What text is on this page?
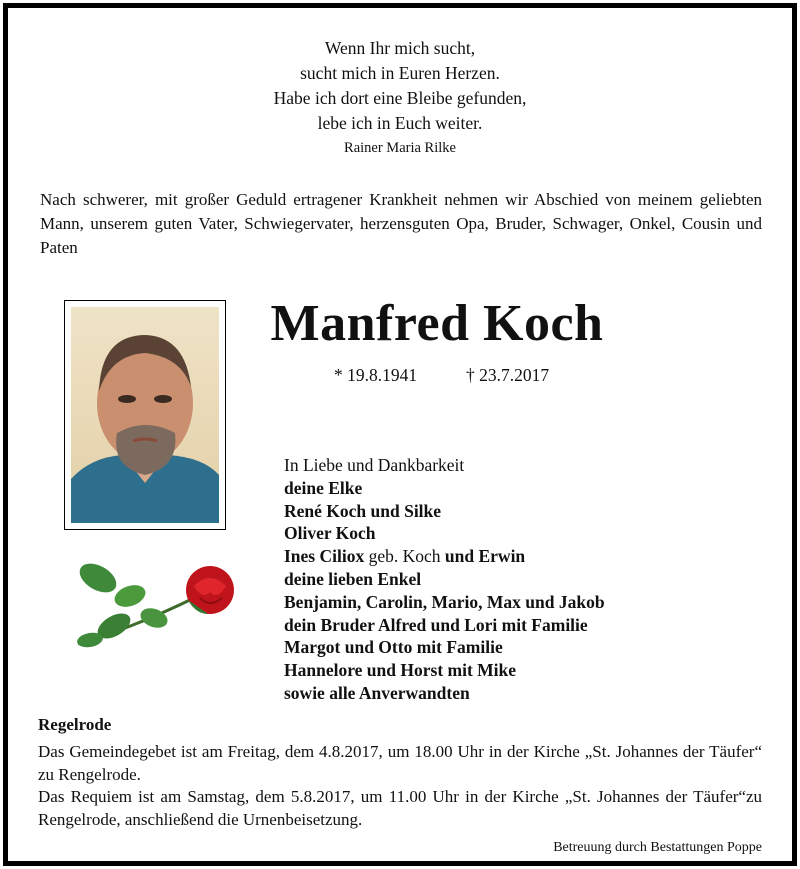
Wenn Ihr mich sucht,
sucht mich in Euren Herzen.
Habe ich dort eine Bleibe gefunden,
lebe ich in Euch weiter.
Rainer Maria Rilke
Nach schwerer, mit großer Geduld ertragener Krankheit nehmen wir Abschied von meinem geliebten Mann, unserem guten Vater, Schwiegervater, herzensguten Opa, Bruder, Schwager, Onkel, Cousin und Paten
Manfred Koch
* 19.8.1941	† 23.7.2017
In Liebe und Dankbarkeit
deine Elke
René Koch und Silke
Oliver Koch
Ines Ciliox geb. Koch und Erwin
deine lieben Enkel
Benjamin, Carolin, Mario, Max und Jakob
dein Bruder Alfred und Lori mit Familie
Margot und Otto mit Familie
Hannelore und Horst mit Mike
sowie alle Anverwandten
Regelrode

Das Gemeindegebet ist am Freitag, dem 4.8.2017, um 18.00 Uhr in der Kirche „St. Johannes der Täufer“ zu Rengelrode.

Das Requiem ist am Samstag, dem 5.8.2017, um 11.00 Uhr in der Kirche „St. Johannes der Täufer“zu Rengelrode, anschließend die Urnenbeisetzung.

Betreuung durch Bestattungen Poppe
